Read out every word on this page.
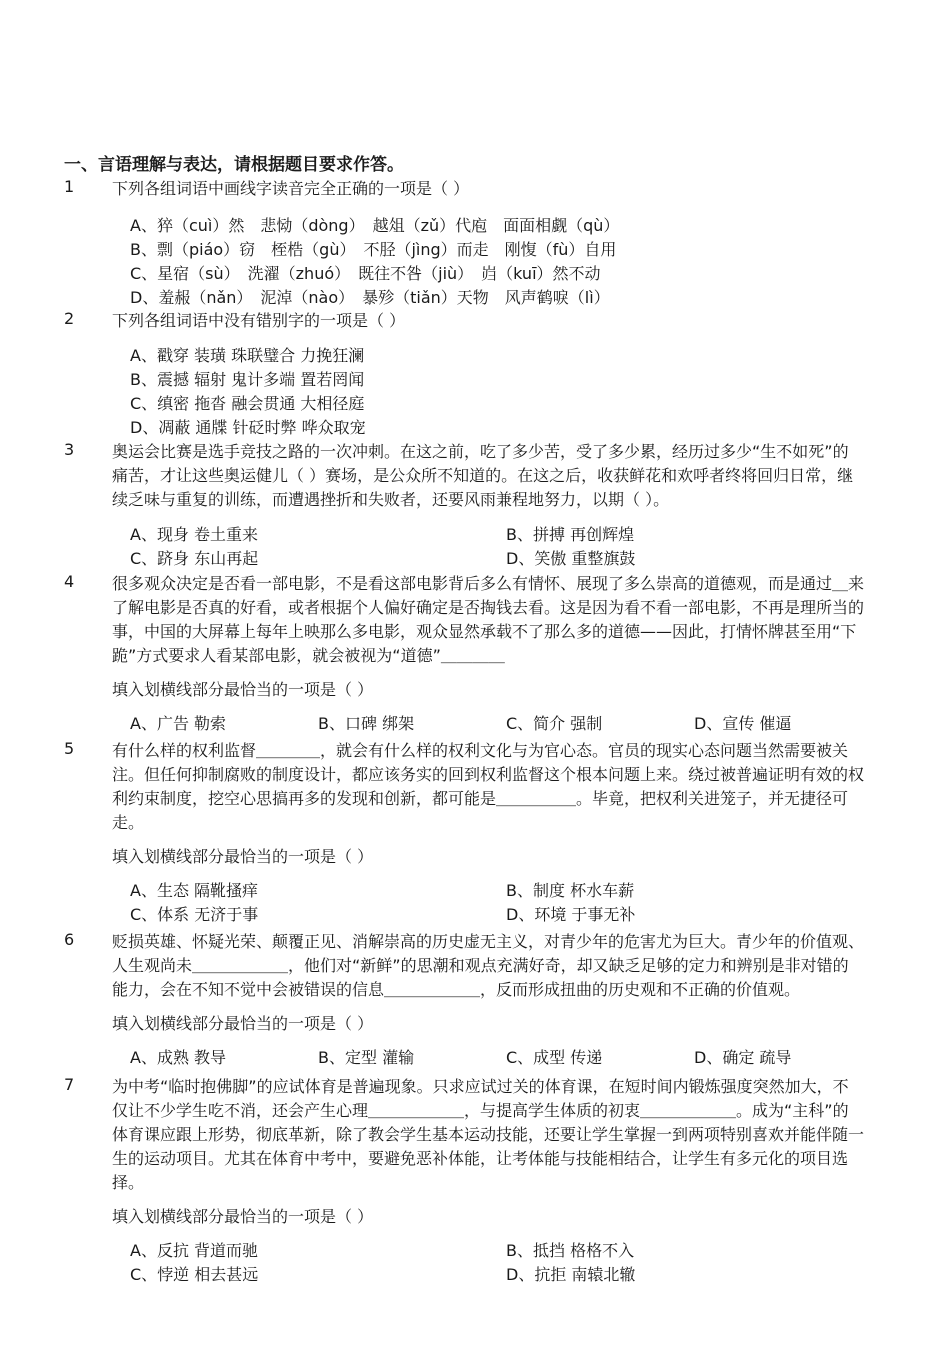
一、言语理解与表达，请根据题目要求作答。
1	下列各组词语中画线字读音完全正确的一项是（ ）
A、猝（cuì）然　悲恸（dòng）　越俎（zǔ）代庖　面面相觑（qù）
B、剽（piáo）窃　桎梏（gù）　不胫（jìng）而走　刚愎（fù）自用
C、星宿（sù）　洗濯（zhuó）　既往不咎（jiù）　岿（kuī）然不动
D、羞赧（nǎn）　泥淖（nào）　暴殄（tiǎn）天物　风声鹤唳（lì）
2	下列各组词语中没有错别字的一项是（ ）
A、戳穿 装璜 珠联璧合 力挽狂澜
B、震撼 辐射 鬼计多端 置若罔闻
C、缜密 拖沓 融会贯通 大相径庭
D、凋蔽 通牒 针砭时弊 哗众取宠
3	奥运会比赛是选手竞技之路的一次冲刺。在这之前，吃了多少苦，受了多少累，经历过多少“生不如死”的痛苦，才让这些奥运健儿（ ）赛场，是公众所不知道的。在这之后，收获鲜花和欢呼者终将回归日常，继续乏味与重复的训练，而遭遇挫折和失败者，还要风雨兼程地努力，以期（ ）。
A、现身 卷土重来	B、拼搏 再创辉煌
C、跻身 东山再起	D、笑傲 重整旗鼓
4	很多观众决定是否看一部电影，不是看这部电影背后多么有情怀、展现了多么崇高的道德观，而是通过＿来了解电影是否真的好看，或者根据个人偏好确定是否掏钱去看。这是因为看不看一部电影，不再是理所当的事，中国的大屏幕上每年上映那么多电影，观众显然承载不了那么多的道德——因此，打情怀牌甚至用“下跪”方式要求人看某部电影，就会被视为“道德”＿＿＿＿
填入划横线部分最恰当的一项是（ ）
A、广告 勒索	B、口碑 绑架	C、简介 强制	D、宣传 催逼
5	有什么样的权利监督＿＿＿＿，就会有什么样的权利文化与为官心态。官员的现实心态问题当然需要被关注。但任何抑制腐败的制度设计，都应该务实的回到权利监督这个根本问题上来。绕过被普遍证明有效的权利约束制度，挖空心思搞再多的发现和创新，都可能是＿＿＿＿＿。毕竟，把权利关进笼子，并无捷径可走。
填入划横线部分最恰当的一项是（ ）
A、生态 隔靴搔痒	B、制度 杯水车薪
C、体系 无济于事	D、环境 于事无补
6	贬损英雄、怀疑光荣、颠覆正见、消解崇高的历史虚无主义，对青少年的危害尤为巨大。青少年的价值观、人生观尚未＿＿＿＿＿＿，他们对“新鲜”的思潮和观点充满好奇，却又缺乏足够的定力和辨别是非对错的能力，会在不知不觉中会被错误的信息＿＿＿＿＿＿，反而形成扭曲的历史观和不正确的价值观。
填入划横线部分最恰当的一项是（ ）
A、成熟 教导	B、定型 灌输	C、成型 传递	D、确定 疏导
7	为中考“临时抱佛脚”的应试体育是普遍现象。只求应试过关的体育课，在短时间内锻炼强度突然加大，不仅让不少学生吃不消，还会产生心理＿＿＿＿＿＿，与提高学生体质的初衷＿＿＿＿＿＿。成为“主科”的体育课应跟上形势，彻底革新，除了教会学生基本运动技能，还要让学生掌握一到两项特别喜欢并能伴随一生的运动项目。尤其在体育中考中，要避免恶补体能，让考体能与技能相结合，让学生有多元化的项目选择。
填入划横线部分最恰当的一项是（ ）
A、反抗 背道而驰	B、抵挡 格格不入
C、悖逆 相去甚远	D、抗拒 南辕北辙
